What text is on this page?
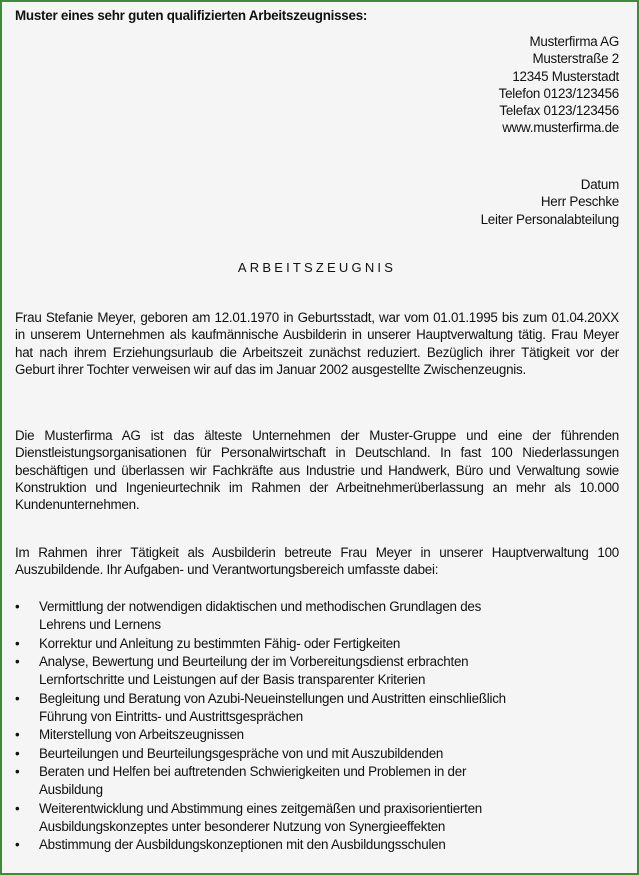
Muster eines sehr guten qualifizierten Arbeitszeugnisses:
Musterfirma AG
Musterstraße 2
12345 Musterstadt
Telefon 0123/123456
Telefax 0123/123456
www.musterfirma.de
Datum
Herr Peschke
Leiter Personalabteilung
ARBEITSZEUGNIS
Frau Stefanie Meyer, geboren am 12.01.1970 in Geburtsstadt, war vom 01.01.1995 bis zum 01.04.20XX in unserem Unternehmen als kaufmännische Ausbilderin in unserer Hauptverwaltung tätig. Frau Meyer hat nach ihrem Erziehungsurlaub die Arbeitszeit zunächst reduziert. Bezüglich ihrer Tätigkeit vor der Geburt ihrer Tochter verweisen wir auf das im Januar 2002 ausgestellte Zwischenzeugnis.
Die Musterfirma AG ist das älteste Unternehmen der Muster-Gruppe und eine der führenden Dienstleistungsorganisationen für Personalwirtschaft in Deutschland. In fast 100 Niederlassungen beschäftigen und überlassen wir Fachkräfte aus Industrie und Handwerk, Büro und Verwaltung sowie Konstruktion und Ingenieurtechnik im Rahmen der Arbeitnehmerüberlassung an mehr als 10.000 Kundenunternehmen.
Im Rahmen ihrer Tätigkeit als Ausbilderin betreute Frau Meyer in unserer Hauptverwaltung 100 Auszubildende. Ihr Aufgaben- und Verantwortungsbereich umfasste dabei:
• Vermittlung der notwendigen didaktischen und methodischen Grundlagen des
Lehrens und Lernens
• Korrektur und Anleitung zu bestimmten Fähig- oder Fertigkeiten
• Analyse, Bewertung und Beurteilung der im Vorbereitungsdienst erbrachten
Lernfortschritte und Leistungen auf der Basis transparenter Kriterien
• Begleitung und Beratung von Azubi-Neueinstellungen und Austritten einschließlich
Führung von Eintritts- und Austrittsgesprächen
• Miterstellung von Arbeitszeugnissen
• Beurteilungen und Beurteilungsgespräche von und mit Auszubildenden
• Beraten und Helfen bei auftretenden Schwierigkeiten und Problemen in der
Ausbildung
• Weiterentwicklung und Abstimmung eines zeitgemäßen und praxisorientierten
Ausbildungskonzeptes unter besonderer Nutzung von Synergieeffekten
• Abstimmung der Ausbildungskonzeptionen mit den Ausbildungsschulen
